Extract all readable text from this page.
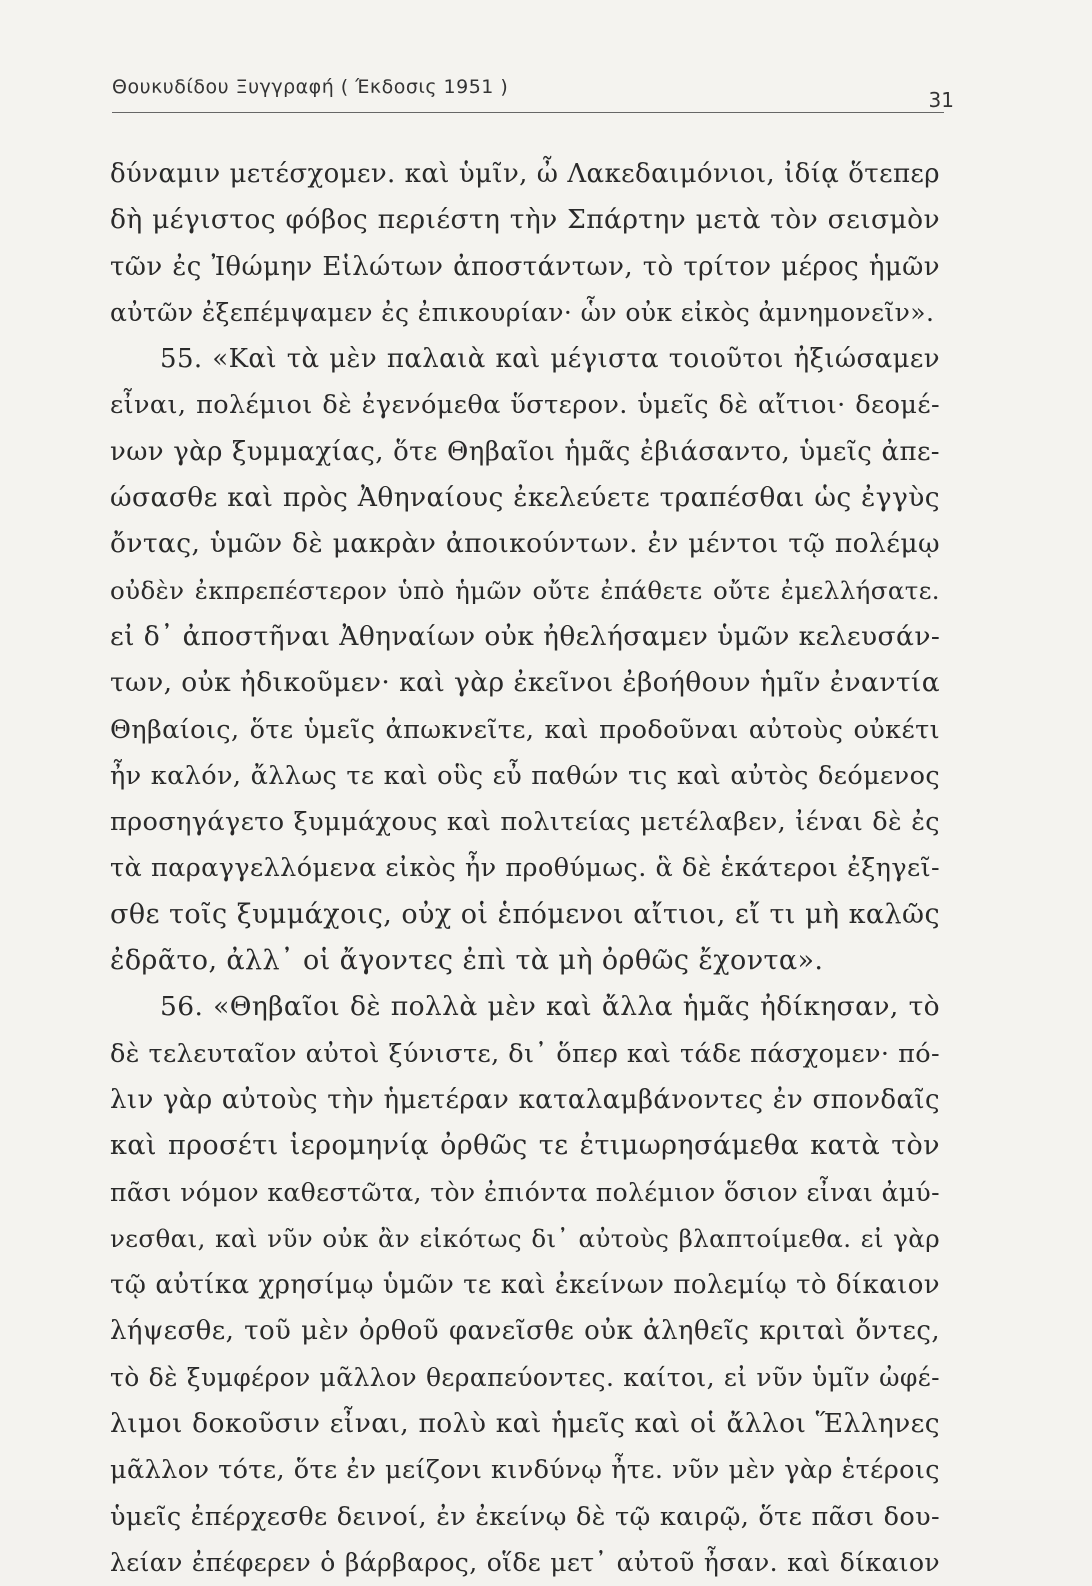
Θουκυδίδου Ξυγγραφή ( Έκδοσις 1951 )
31
δύναμιν μετέσχομεν. καὶ ὑμῖν, ὦ Λακεδαιμόνιοι, ἰδίᾳ ὅτεπερ
δὴ μέγιστος φόβος περιέστη τὴν Σπάρτην μετὰ τὸν σεισμὸν
τῶν ἐς Ἰθώμην Εἱλώτων ἀποστάντων, τὸ τρίτον μέρος ἡμῶν
αὐτῶν ἐξεπέμψαμεν ἐς ἐπικουρίαν· ὧν οὐκ εἰκὸς ἀμνημονεῖν».
55. «Καὶ τὰ μὲν παλαιὰ καὶ μέγιστα τοιοῦτοι ἠξιώσαμεν
εἶναι, πολέμιοι δὲ ἐγενόμεθα ὕστερον. ὑμεῖς δὲ αἴτιοι· δεομέ-
νων γὰρ ξυμμαχίας, ὅτε Θηβαῖοι ἡμᾶς ἐβιάσαντο, ὑμεῖς ἀπε-
ώσασθε καὶ πρὸς Ἀθηναίους ἐκελεύετε τραπέσθαι ὡς ἐγγὺς
ὄντας, ὑμῶν δὲ μακρὰν ἀποικούντων. ἐν μέντοι τῷ πολέμῳ
οὐδὲν ἐκπρεπέστερον ὑπὸ ἡμῶν οὔτε ἐπάθετε οὔτε ἐμελλήσατε.
εἰ δ᾽ ἀποστῆναι Ἀθηναίων οὐκ ἠθελήσαμεν ὑμῶν κελευσάν-
των, οὐκ ἠδικοῦμεν· καὶ γὰρ ἐκεῖνοι ἐβοήθουν ἡμῖν ἐναντία
Θηβαίοις, ὅτε ὑμεῖς ἀπωκνεῖτε, καὶ προδοῦναι αὐτοὺς οὐκέτι
ἦν καλόν, ἄλλως τε καὶ οὓς εὖ παθών τις καὶ αὐτὸς δεόμενος
προσηγάγετο ξυμμάχους καὶ πολιτείας μετέλαβεν, ἰέναι δὲ ἐς
τὰ παραγγελλόμενα εἰκὸς ἦν προθύμως. ἃ δὲ ἑκάτεροι ἐξηγεῖ-
σθε τοῖς ξυμμάχοις, οὐχ οἱ ἑπόμενοι αἴτιοι, εἴ τι μὴ καλῶς
ἐδρᾶτο, ἀλλ᾽ οἱ ἄγοντες ἐπὶ τὰ μὴ ὀρθῶς ἔχοντα».
56. «Θηβαῖοι δὲ πολλὰ μὲν καὶ ἄλλα ἡμᾶς ἠδίκησαν, τὸ
δὲ τελευταῖον αὐτοὶ ξύνιστε, δι᾽ ὅπερ καὶ τάδε πάσχομεν· πό-
λιν γὰρ αὐτοὺς τὴν ἡμετέραν καταλαμβάνοντες ἐν σπονδαῖς
καὶ προσέτι ἱερομηνίᾳ ὀρθῶς τε ἐτιμωρησάμεθα κατὰ τὸν
πᾶσι νόμον καθεστῶτα, τὸν ἐπιόντα πολέμιον ὅσιον εἶναι ἀμύ-
νεσθαι, καὶ νῦν οὐκ ἂν εἰκότως δι᾽ αὐτοὺς βλαπτοίμεθα. εἰ γὰρ
τῷ αὐτίκα χρησίμῳ ὑμῶν τε καὶ ἐκείνων πολεμίῳ τὸ δίκαιον
λήψεσθε, τοῦ μὲν ὀρθοῦ φανεῖσθε οὐκ ἀληθεῖς κριταὶ ὄντες,
τὸ δὲ ξυμφέρον μᾶλλον θεραπεύοντες. καίτοι, εἰ νῦν ὑμῖν ὠφέ-
λιμοι δοκοῦσιν εἶναι, πολὺ καὶ ἡμεῖς καὶ οἱ ἄλλοι Ἕλληνες
μᾶλλον τότε, ὅτε ἐν μείζονι κινδύνῳ ἦτε. νῦν μὲν γὰρ ἑτέροις
ὑμεῖς ἐπέρχεσθε δεινοί, ἐν ἐκείνῳ δὲ τῷ καιρῷ, ὅτε πᾶσι δου-
λείαν ἐπέφερεν ὁ βάρβαρος, οἵδε μετ᾽ αὐτοῦ ἦσαν. καὶ δίκαιον
